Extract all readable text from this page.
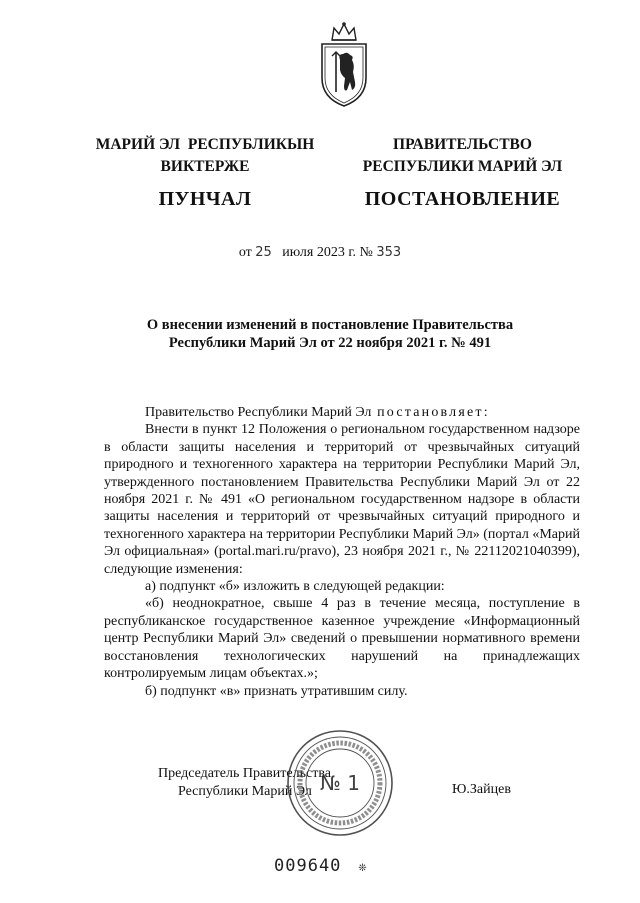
МАРИЙ ЭЛ  РЕСПУБЛИКЫН
ВИКТЕРЖЕ
ПУНЧАЛ
ПРАВИТЕЛЬСТВО
РЕСПУБЛИКИ МАРИЙ ЭЛ
ПОСТАНОВЛЕНИЕ
от 25 июля 2023 г. № 353
О внесении изменений в постановление Правительства
Республики Марий Эл от 22 ноября 2021 г. № 491

Правительство Республики Марий Эл постановляет:

Внести в пункт 12 Положения о региональном государственном надзоре в области защиты населения и территорий от чрезвычайных ситуаций природного и техногенного характера на территории Республики Марий Эл, утвержденного постановлением Правительства Республики Марий Эл от 22 ноября 2021 г. № 491 «О региональном государственном надзоре в области защиты населения и территорий от чрезвычайных ситуаций природного и техногенного характера на территории Республики Марий Эл» (портал «Марий Эл официальная» (portal.mari.ru/pravo), 23 ноября 2021 г., № 22112021040399), следующие изменения:

а) подпункт «б» изложить в следующей редакции:

«б) неоднократное, свыше 4 раз в течение месяца, поступление в республиканское государственное казенное учреждение «Информационный центр Республики Марий Эл» сведений о превышении нормативного времени восстановления технологических нарушений на принадлежащих контролируемым лицам объектах.»;

б) подпункт «в» признать утратившим силу.

Председатель Правительства
Республики Марий Эл	Ю.Зайцев
№ 1
009640 ❊
